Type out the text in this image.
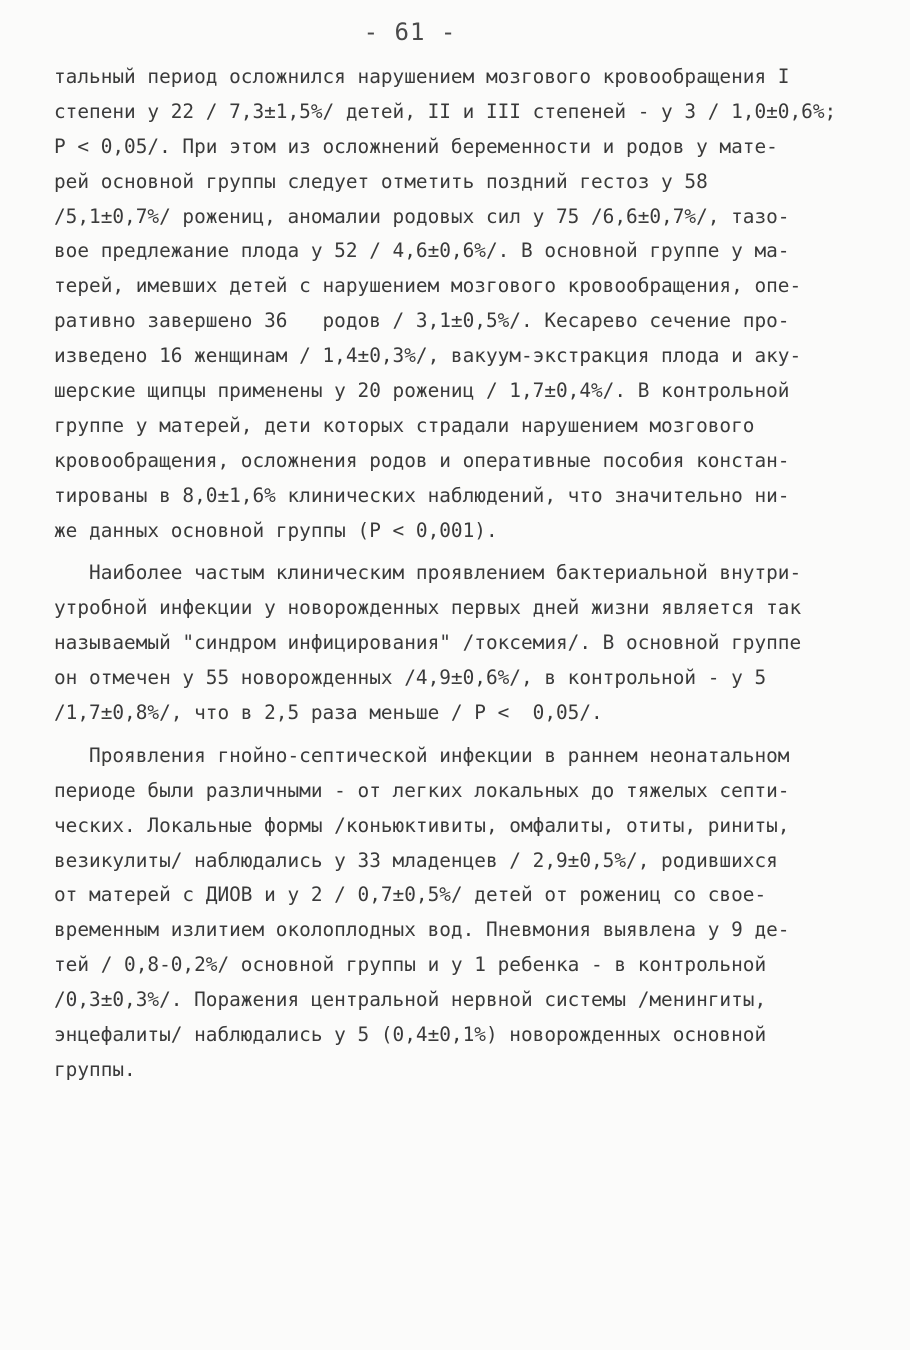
- 61 -
тальный период осложнился нарушением мозгового кровообращения I
степени у 22 / 7,3±1,5%/ детей, II и III степеней - у 3 / 1,0±0,6%;
P < 0,05/. При этом из осложнений беременности и родов у мате-
рей основной группы следует отметить поздний гестоз у 58
/5,1±0,7%/ рожениц, аномалии родовых сил у 75 /6,6±0,7%/, тазо-
вое предлежание плода у 52 / 4,6±0,6%/. В основной группе у ма-
терей, имевших детей с нарушением мозгового кровообращения, опе-
ративно завершено 36   родов / 3,1±0,5%/. Кесарево сечение про-
изведено 16 женщинам / 1,4±0,3%/, вакуум-экстракция плода и аку-
шерские щипцы применены у 20 рожениц / 1,7±0,4%/. В контрольной
группе у матерей, дети которых страдали нарушением мозгового
кровообращения, осложнения родов и оперативные пособия констан-
тированы в 8,0±1,6% клинических наблюдений, что значительно ни-
же данных основной группы (P < 0,001).
Наиболее частым клиническим проявлением бактериальной внутри-
утробной инфекции у новорожденных первых дней жизни является так
называемый "синдром инфицирования" /токсемия/. В основной группе
он отмечен у 55 новорожденных /4,9±0,6%/, в контрольной - у 5
/1,7±0,8%/, что в 2,5 раза меньше / P <  0,05/.
Проявления гнойно-септической инфекции в раннем неонатальном
периоде были различными - от легких локальных до тяжелых септи-
ческих. Локальные формы /коньюктивиты, омфалиты, отиты, риниты,
везикулиты/ наблюдались у 33 младенцев / 2,9±0,5%/, родившихся
от матерей с ДИОВ и у 2 / 0,7±0,5%/ детей от рожениц со свое-
временным излитием околоплодных вод. Пневмония выявлена у 9 де-
тей / 0,8-0,2%/ основной группы и у 1 ребенка - в контрольной
/0,3±0,3%/. Поражения центральной нервной системы /менингиты,
энцефалиты/ наблюдались у 5 (0,4±0,1%) новорожденных основной
группы.
